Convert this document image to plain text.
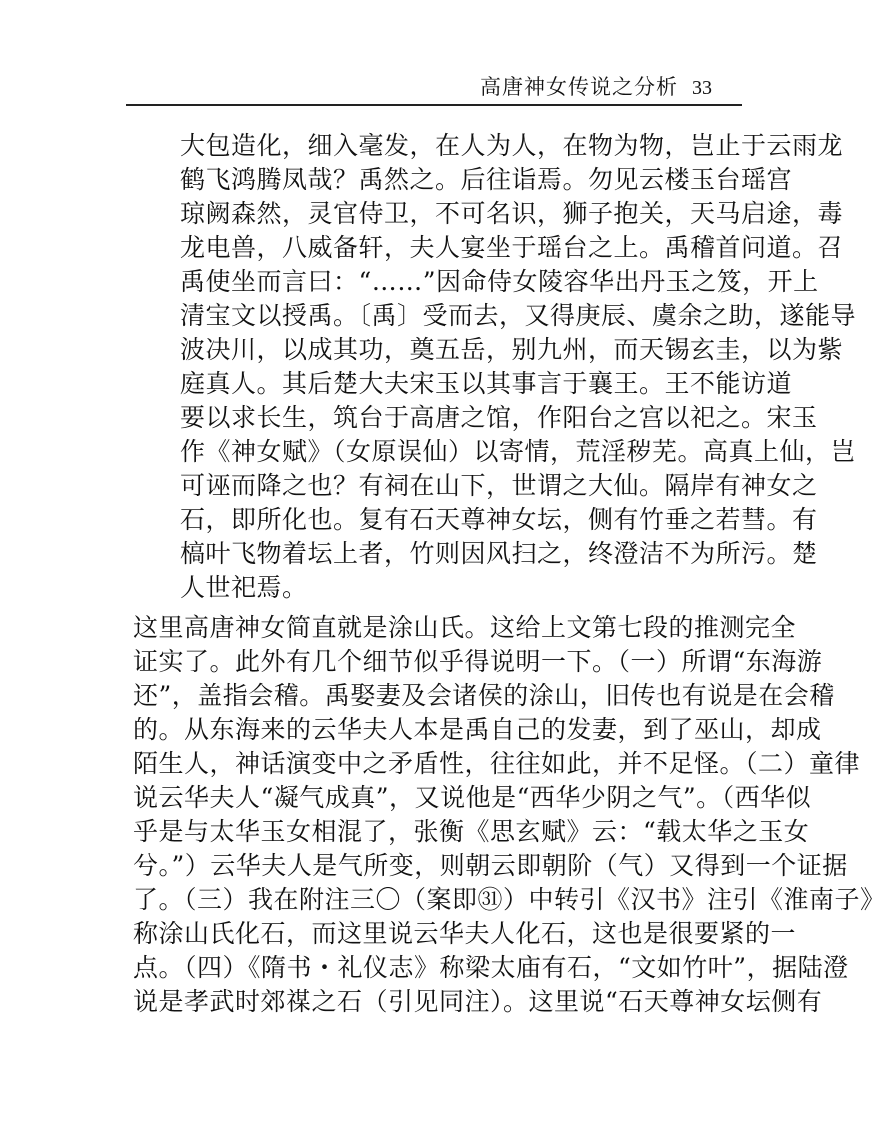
高唐神女传说之分析 33
大包造化，细入毫发，在人为人，在物为物，岂止于云雨龙
鹤飞鸿腾凤哉？禹然之。后往诣焉。勿见云楼玉台瑶宫
琼阙森然，灵官侍卫，不可名识，狮子抱关，天马启途，毒
龙电兽，八威备轩，夫人宴坐于瑶台之上。禹稽首问道。召
禹使坐而言曰：“……”因命侍女陵容华出丹玉之笈，开上
清宝文以授禹。〔禹〕受而去，又得庚辰、虞余之助，遂能导
波决川，以成其功，奠五岳，别九州，而天锡玄圭，以为紫
庭真人。其后楚大夫宋玉以其事言于襄王。王不能访道
要以求长生，筑台于高唐之馆，作阳台之宫以祀之。宋玉
作《神女赋》（女原误仙）以寄情，荒淫秽芜。高真上仙，岂
可诬而降之也？有祠在山下，世谓之大仙。隔岸有神女之
石，即所化也。复有石天尊神女坛，侧有竹垂之若彗。有
槁叶飞物着坛上者，竹则因风扫之，终澄洁不为所污。楚
人世祀焉。
这里高唐神女简直就是涂山氏。这给上文第七段的推测完全
证实了。此外有几个细节似乎得说明一下。（一）所谓“东海游
还”，盖指会稽。禹娶妻及会诸侯的涂山，旧传也有说是在会稽
的。从东海来的云华夫人本是禹自己的发妻，到了巫山，却成
陌生人，神话演变中之矛盾性，往往如此，并不足怪。（二）童律
说云华夫人“凝气成真”，又说他是“西华少阴之气”。（西华似
乎是与太华玉女相混了，张衡《思玄赋》云：“载太华之玉女
兮。”）云华夫人是气所变，则朝云即朝阶（气）又得到一个证据
了。（三）我在附注三〇（案即㉛）中转引《汉书》注引《淮南子》
称涂山氏化石，而这里说云华夫人化石，这也是很要紧的一
点。（四）《隋书・礼仪志》称梁太庙有石，“文如竹叶”，据陆澄
说是孝武时郊禖之石（引见同注）。这里说“石天尊神女坛侧有
